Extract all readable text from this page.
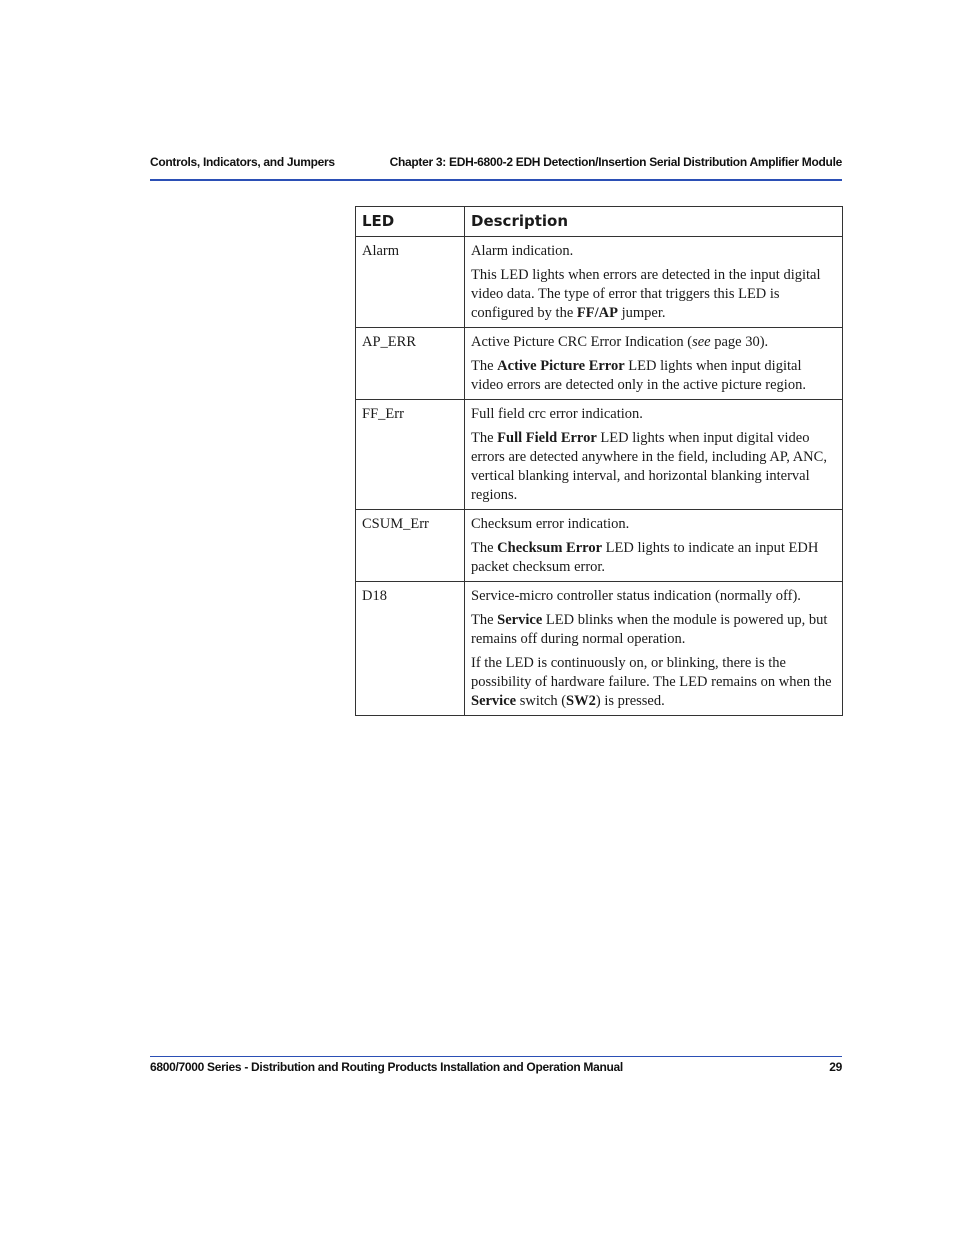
Controls, Indicators, and Jumpers	Chapter 3: EDH-6800-2 EDH Detection/Insertion Serial Distribution Amplifier Module
LED	Description
Alarm	Alarm indication.

This LED lights when errors are detected in the input digital video data. The type of error that triggers this LED is configured by the FF/AP jumper.

AP_ERR	Active Picture CRC Error Indication (see page 30).

The Active Picture Error LED lights when input digital video errors are detected only in the active picture region.

FF_Err	Full field crc error indication.

The Full Field Error LED lights when input digital video errors are detected anywhere in the field, including AP, ANC, vertical blanking interval, and horizontal blanking interval regions.

CSUM_Err	Checksum error indication.

The Checksum Error LED lights to indicate an input EDH packet checksum error.

D18	Service-micro controller status indication (normally off).

The Service LED blinks when the module is powered up, but remains off during normal operation.

If the LED is continuously on, or blinking, there is the possibility of hardware failure. The LED remains on when the Service switch (SW2) is pressed.

6800/7000 Series - Distribution and Routing Products Installation and Operation Manual	29
